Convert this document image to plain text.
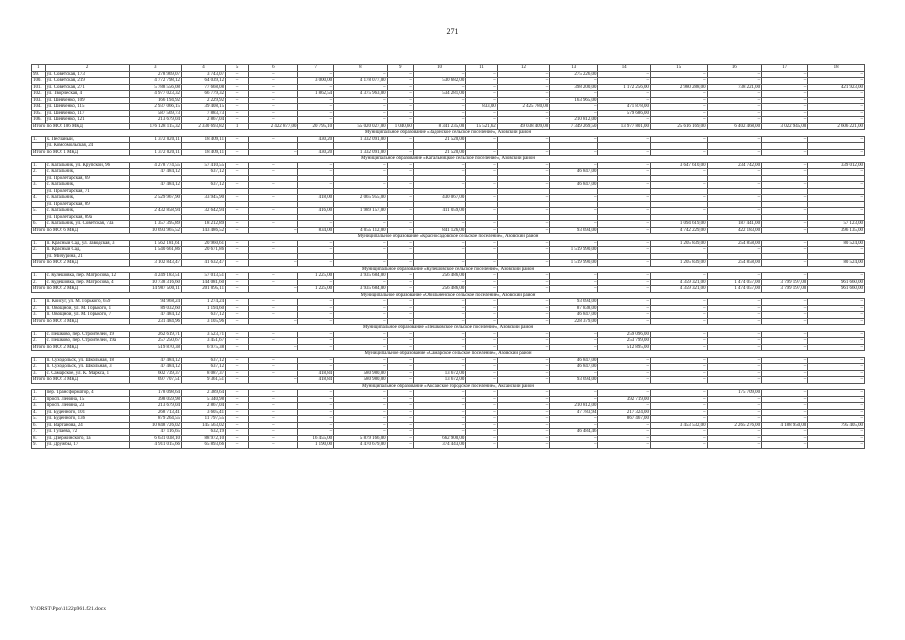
271
1	2	3	4	5	6	7	8	9	10	11	12	13	14	15	16	17	18
99.	ул. Советская, 173	278 969,07	3 743,07	–	–	–	–	–	–	–	–	275 226,00	–	–	–	–	–
100.	ул. Советская, 219	4 772 798,12	64 039,12	–	–	3 000,00	4 178 077,00	–	530 682,00	–	–	–	–	–	–	–	–
101.	ул. Советская, 271	5 788 556,08	77 668,08	–	–	–	–	–	–	–	–	398 200,00	1 172 256,00	2 980 288,00	738 221,00	–	421 923,00
102.	ул. Творческая, 4	4 977 023,32	66 779,32	–	–	1 862,54	4 375 963,00	–	534 281,00	–	–	–	–	–	–	–	–
103.	ул. Шевченко, 109	166 194,92	2 229,92	–	–	–	–	–	–	–	–	163 965,00	–	–	–	–	–
104.	ул. Шевченко, 115	2 937 066,15	39 408,15	–	–	–	–	–	–	833,00	2 425 780,00	–	471 878,00	–	–	–	–
105.	ул. Шевченко, 117	587 569,73	7 883,73	–	–	–	–	–	–	–	–	–	579 686,00	–	–	–	–
106.	ул. Шевченко, 121	213 679,04	2 867,04	–	–	–	–	–	–	–	–	210 812,00	–	–	–	–	–
Итого по МО: 106 МКД		176 128 115,32	2 330 693,82	1	2 422 877,00	20 795,10	55 020 027,00	1 040,60	8 341 235,00	15 521,62	49 038 409,00	7 349 269,50	13 977 801,00	25 616 169,00	6 402 468,00	3 022 945,00	2 606 221,00
Муниципальное образование «Задонское сельское поселение», Азовский район																	
1.	х. Песчаный,	1 372 020,11	18 409,11	–	–	430,20	1 332 091,00	–	21 520,00	–	–	–	–	–	–	–	–
	ул. Комсомольская, 24																
Итого по МО: 1 МКД		1 372 020,11	18 409,11	–	–	430,20	1 332 091,00	–	21 520,00	–	–	–	–	–	–	–	–
Муниципальное образование «Кагальницкое сельское поселение», Азовский район																	
1.	с. Кагальник, ул. Крупской, 96	4 278 774,55	57 410,55	–	–	–	–	–	–	–	–	–	–	3 647 610,00	234 742,00	–	339 012,00
2.	с. Кагальник,	47 484,12	637,12	–	–	–	–	–	–	–	–	46 847,00	–	–	–	–	–
	ул. Пролетарская, 69																
3.	с. Кагальник,	47 484,12	637,12	–	–	–	–	–	–	–	–	46 847,00	–	–	–	–	–
	ул. Пролетарская, 71																
4.	с. Кагальник,	2 529 967,90	33 945,90	–	–	418,00	2 065 955,00	–	430 067,00	–	–	–	–	–	–	–	–
	ул. Пролетарская, 89																
5.	с. Кагальник,	2 432 858,94	32 642,94	–	–	416,00	1 989 157,00	–	411 059,00	–	–	–	–	–	–	–	–
	ул. Пролетарская, 89а																
6.	с. Кагальник, ул. Советская, 73а	1 357 395,89	18 212,89	–	–	–	–	–	–	–	–	–	–	1 094 619,00	187 441,00	–	57 123,00
Итого по МО: 6 МКД		10 693 965,52	143 486,52	–	–	834,00	4 055 112,00	–	841 126,00	–	–	93 694,00	–	4 742 229,00	422 183,00	–	396 135,00
Муниципальное образование «Красносадовское сельское поселение», Азовский район																	
1.	п. Красный Сад, ул. Заводская, 3	1 562 181,61	20 960,61	–	–	–	–	–	–	–	–	–	–	1 205 839,00	254 858,00	–	80 524,00
2.	п. Красный Сад,	1 540 661,86	20 671,86	–	–	–	–	–	–	–	–	1 519 990,00	–	–	–	–	–
	ул. Мичурина, 21																
Итого по МО: 2 МКД		3 102 843,47	41 632,47	–	–	–	–	–	–	–	–	1 519 990,00	–	1 205 839,00	254 858,00	–	80 524,00
Муниципальное образование «Кулешовское сельское поселение», Азовский район																	
1.	с. Кулешовка, пер. Матросова, 12	4 249 183,51	57 013,51	–	–	1 225,00	3 935 684,00	–	256 486,00	–	–	–	–	–	–	–	–
2.	с. Кудешовка, пер. Матросова, 4	10 738 316,60	144 081,60	–	–	–	–	–	–	–	–	–	–	4 359 321,00	1 474 057,00	3 799 197,00	961 660,00
Итого по МО: 2 МКД		14 987 500,11	201 095,11	–	–	1 225,00	3 935 684,00	–	256 486,00	–	–	–	–	4 359 321,00	1 474 057,00	3 799 197,00	961 660,00
Муниципальное образование «Обильненское сельское поселение», Азовский район																	
1.	п. Койсуг, ул. М. Горького, 659	94 968,24	1 274,24	–	–	–	–	–	–	–	–	93 694,00	–	–	–	–	–
2.	п. Овощной, ул. М. Горького, 1	89 032,60	1 194,60	–	–	–	–	–	–	–	–	87 838,00	–	–	–	–	–
3.	п. Овощной, ул. М. Горького, 7	47 484,12	637,12	–	–	–	–	–	–	–	–	46 847,00	–	–	–	–	–
Итого по МО: 3 МКД		231 484,96	3 105,96	–	–	–	–	–	–	–	–	228 379,00	–	–	–	–	–
Муниципальное образование «Пешковское сельское поселение», Азовский район																	
1.	с. Пешково, пер. Строителей, 19	262 619,71	3 523,71	–	–	–	–	–	–	–	–	–	259 096,00	–	–	–	–
2.	с. Пешково, пер. Строителей, 19а	257 250,67	3 451,67	–	–	–	–	–	–	–	–	–	253 799,00	–	–	–	–
Итого по МО: 2 МКД		519 870,38	6 975,38	–	–	–	–	–	–	–	–	–	512 895,00	–	–	–	–
Муниципальное образование «Самарское сельское поселение», Азовский район																	
1.	п. Суходольск, ул. Школьная, 18	47 484,12	637,12	–	–	–	–	–	–	–	–	46 847,00	–	–	–	–	–
2.	п. Суходольск, ул. Школьная, 3	47 484,12	637,12	–	–	–	–	–	–	–	–	46 847,00	–	–	–	–	–
3.	с. Самарское, ул. К. Маркса, 1	602 739,37	8 087,37	–	–	418,84	580 980,00	–	13 672,00	–	–	–	–	–	–	–	–
Итого по МО: 3 МКД		697 707,51	9 361,51	–	–	418,84	580 980,00	–	13 672,00	–	–	93 694,00	–	–	–	–	–
Муниципальное образование «Аксайское городское поселение», Аксайский район																	
1.	пер. Трансформатор, 4	178 098,64	2 389,64	–	–	–	–	–	–	–	–	–	–	–	175 709,00	–	–
2.	просп. Ленина, 15	398 059,98	5 340,98	–	–	–	–	–	–	–	–	–	392 719,00	–	–	–	–
3.	просп. Ленина, 23	213 679,04	2 867,04	–	–	–	–	–	–	–	–	210 812,00	–	–	–	–	–
4.	ул. Буденного, 101	268 713,41	3 605,41	–	–	–	–	–	–	–	–	47 783,94	217 324,00	–	–	–	–
5.	ул. Буденного, 136	879 264,55	11 797,55	–	–	–	–	–	–	–	–	–	867 467,00	–	–	–	–
6.	ул. Вартанова, 24	10 848 726,02	145 563,02	–	–	–	–	–	–	–	–	–	–	3 453 532,00	2 265 276,00	4 188 950,00	795 405,00
7.	ул. Гулаева, 72	47 116,65	632,19	–	–	–	–	–	–	–	–	46 484,46	–	–	–	–	–
8.	ул. Дзержинского, 1а	6 631 038,10	88 972,10	–	–	16 455,00	5 879 166,00	–	662 900,00	–	–	–	–	–	–	–	–
9.	ул. Дружбы, 17	4 911 015,66	65 893,66	–	–	1 190,00	4 470 679,00	–	374 443,00	–	–	–	–	–	–	–	–
Y:\ORST\Ppo\1122p961.f21.docx
